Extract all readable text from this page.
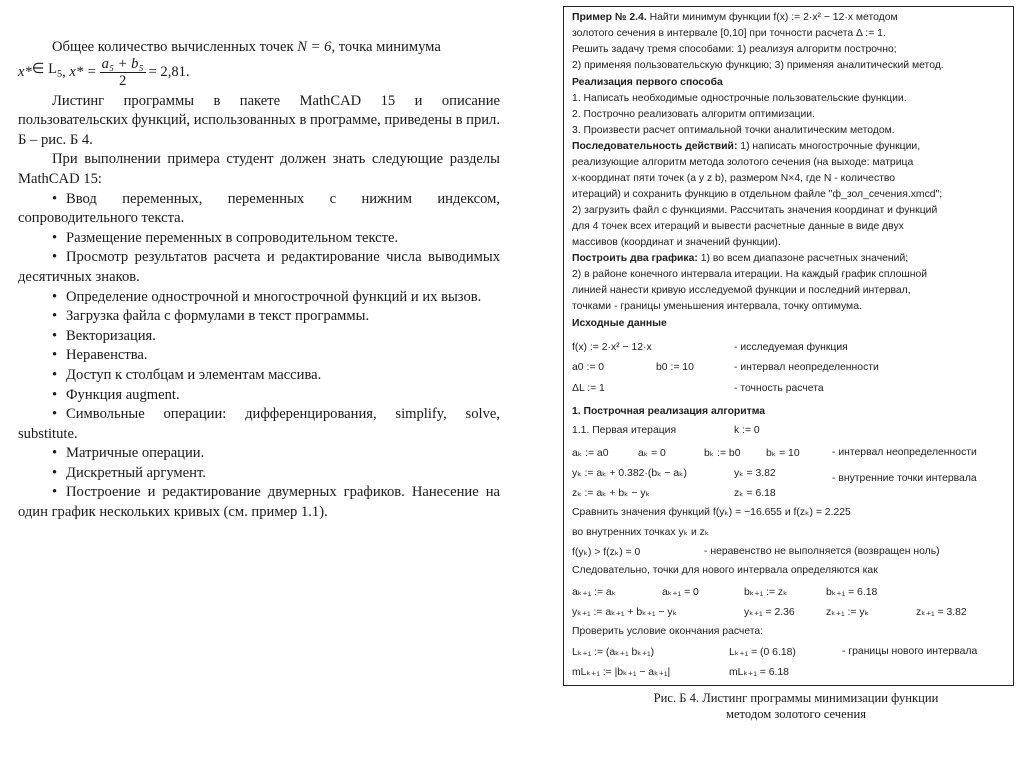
Общее количество вычисленных точек N = 6, точка минимума

x* ∈ $L_5$ ,
$x* = \frac{\text{a₅ + b₅}}{2} = 2,81$.

Листинг программы в пакете MathCAD 15 и описание пользовательских функций, использованных в программе, приведены в прил. Б – рис. Б 4.

При выполнении примера студент должен знать следующие разделы MathCAD 15:

• Ввод переменных, переменных с нижним индексом, сопроводительного текста.

• Размещение переменных в сопроводительном тексте.

• Просмотр результатов расчета и редактирование числа выводимых десятичных знаков.

• Определение однострочной и многострочной функций и их вызов.

• Загрузка файла с формулами в текст программы.

• Векторизация.

• Неравенства.

• Доступ к столбцам и элементам массива.

• Функция augment.

• Символьные операции: дифференцирования, simplify, solve, substitute.

• Матричные операции.

• Дискретный аргумент.

• Построение и редактирование двумерных графиков. Нанесение на один график нескольких кривых (см. пример 1.1).

Пример № 2.4. Найти минимум функции f(x) := 2·x² − 12·x методом
золотого сечения в интервале [0,10] при точности расчета Δ := 1.
Решить задачу тремя способами: 1) реализуя алгоритм построчно;
2) применяя пользовательскую функцию; 3) применяя аналитический метод.
Реализация первого способа
1. Написать необходимые однострочные пользовательские функции.
2. Построчно реализовать алгоритм оптимизации.
3. Произвести расчет оптимальной точки аналитическим методом.
Последовательность действий: 1) написать многострочные функции,
реализующие алгоритм метода золотого сечения (на выходе: матрица
x-координат пяти точек (a y z b), размером N×4, где N - количество
итераций) и сохранить функцию в отдельном файле "ф_зол_сечения.xmcd";
2) загрузить файл с функциями. Рассчитать значения координат и функций
для 4 точек всех итераций и вывести расчетные данные в виде двух
массивов (координат и значений функции).
Построить два графика: 1) во всем диапазоне расчетных значений;
2) в районе конечного интервала итерации. На каждый график сплошной
линией нанести кривую исследуемой функции и последний интервал,
точками - границы уменьшения интервала, точку оптимума.
Исходные данные
f(x) := 2·x² − 12·x	- исследуемая функция
a0 := 0	b0 := 10	- интервал неопределенности
ΔL := 1	- точность расчета
1. Построчная реализация алгоритма
1.1. Первая итерация	k := 0
aₖ := a0	aₖ = 0	bₖ := b0 bₖ = 10	- интервал неопределенности
yₖ := aₖ + 0.382·(bₖ − aₖ)	yₖ = 3.82	- внутренние точки интервала
zₖ := aₖ + bₖ − yₖ	zₖ = 6.18
Сравнить значения функций f(yₖ) = −16.655 и f(zₖ) = 2.225
во внутренних точках yₖ и zₖ
f(yₖ) > f(zₖ) = 0	- неравенство не выполняется (возвращен ноль)
Следовательно, точки для нового интервала определяются как
aₖ₊₁ := aₖ	aₖ₊₁ = 0	bₖ₊₁ := zₖ	bₖ₊₁ = 6.18
yₖ₊₁ := aₖ₊₁ + bₖ₊₁ − yₖ	yₖ₊₁ = 2.36	zₖ₊₁ := yₖ	zₖ₊₁ = 3.82
Проверить условие окончания расчета:
Lₖ₊₁ := (aₖ₊₁ bₖ₊₁)	Lₖ₊₁ = (0 6.18)	- границы нового интервала
mLₖ₊₁ := |bₖ₊₁ − aₖ₊₁|	mLₖ₊₁ = 6.18
Рис. Б 4. Листинг программы минимизации функции
методом золотого сечения
